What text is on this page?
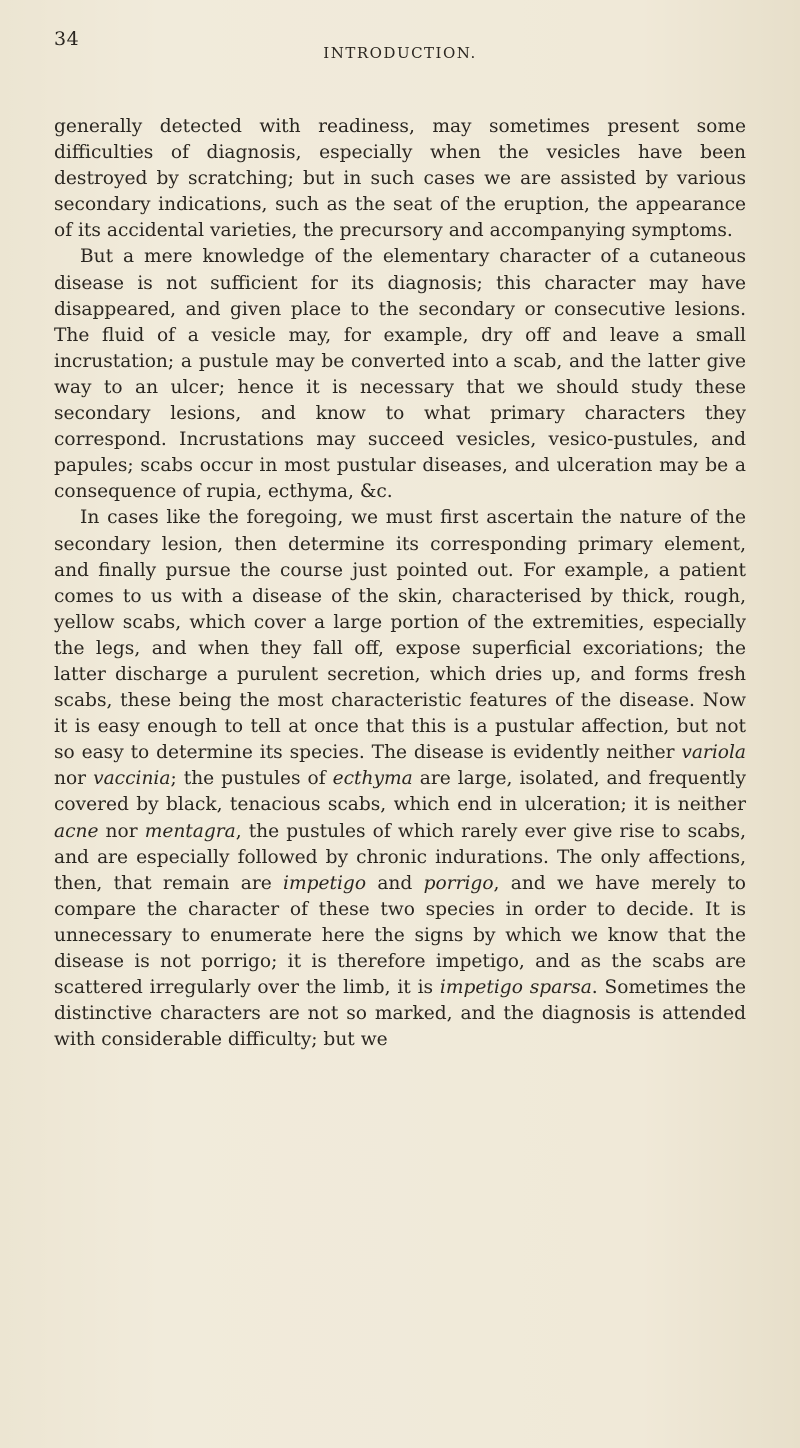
34
INTRODUCTION.

generally detected with readiness, may sometimes present some difficulties of diagnosis, especially when the vesicles have been destroyed by scratching; but in such cases we are assisted by various secondary indications, such as the seat of the eruption, the appearance of its accidental varieties, the precursory and accompanying symptoms.

But a mere knowledge of the elementary character of a cutaneous disease is not sufficient for its diagnosis; this character may have disappeared, and given place to the secondary or consecutive lesions. The fluid of a vesicle may, for example, dry off and leave a small incrustation; a pustule may be converted into a scab, and the latter give way to an ulcer; hence it is necessary that we should study these secondary lesions, and know to what primary characters they correspond. Incrustations may succeed vesicles, vesico-pustules, and papules; scabs occur in most pustular diseases, and ulceration may be a consequence of rupia, ecthyma, &c.

In cases like the foregoing, we must first ascertain the nature of the secondary lesion, then determine its corresponding primary element, and finally pursue the course just pointed out. For example, a patient comes to us with a disease of the skin, characterised by thick, rough, yellow scabs, which cover a large portion of the extremities, especially the legs, and when they fall off, expose superficial excoriations; the latter discharge a purulent secretion, which dries up, and forms fresh scabs, these being the most characteristic features of the disease. Now it is easy enough to tell at once that this is a pustular affection, but not so easy to determine its species. The disease is evidently neither variola nor vaccinia; the pustules of ecthyma are large, isolated, and frequently covered by black, tenacious scabs, which end in ulceration; it is neither acne nor mentagra, the pustules of which rarely ever give rise to scabs, and are especially followed by chronic indurations. The only affections, then, that remain are impetigo and porrigo, and we have merely to compare the character of these two species in order to decide. It is unnecessary to enumerate here the signs by which we know that the disease is not porrigo; it is therefore impetigo, and as the scabs are scattered irregularly over the limb, it is impetigo sparsa. Sometimes the distinctive characters are not so marked, and the diagnosis is attended with considerable difficulty; but we
